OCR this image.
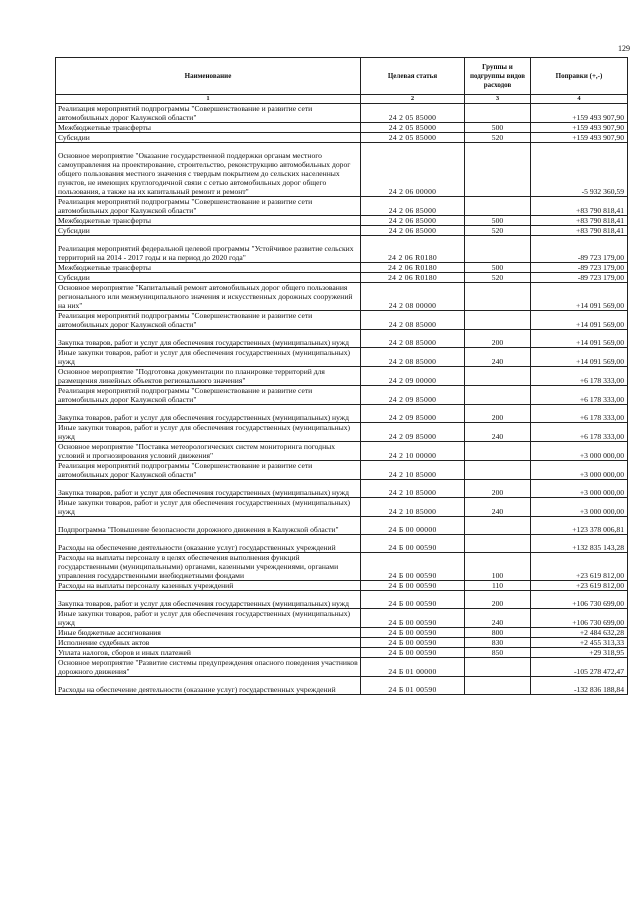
129
Наименование	Целевая статья	Группы и подгруппы видов расходов	Поправки (+,-)
1	2	3	4
Реализация мероприятий подпрограммы "Совершенствование и развитие сети автомобильных дорог Калужской области"	24 2 05 85000		+159 493 907,90
Межбюджетные трансферты	24 2 05 85000	500	+159 493 907,90
Субсидии	24 2 05 85000	520	+159 493 907,90
Основное мероприятие "Оказание государственной поддержки органам местного самоуправления на проектирование, строительство, реконструкцию автомобильных дорог общего пользования местного значения с твердым покрытием до сельских населенных пунктов, не имеющих круглогодичной связи с сетью автомобильных дорог общего пользования, а также на их капитальный ремонт и ремонт"	24 2 06 00000		-5 932 360,59
Реализация мероприятий подпрограммы "Совершенствование и развитие сети автомобильных дорог Калужской области"	24 2 06 85000		+83 790 818,41
Межбюджетные трансферты	24 2 06 85000	500	+83 790 818,41
Субсидии	24 2 06 85000	520	+83 790 818,41
Реализация мероприятий федеральной целевой программы "Устойчивое развитие сельских территорий на 2014 - 2017 годы и на период до 2020 года"	24 2 06 R0180		-89 723 179,00
Межбюджетные трансферты	24 2 06 R0180	500	-89 723 179,00
Субсидии	24 2 06 R0180	520	-89 723 179,00
Основное мероприятие "Капитальный ремонт автомобильных дорог общего пользования регионального или межмуниципального значения и искусственных дорожных сооружений на них"	24 2 08 00000		+14 091 569,00
Реализация мероприятий подпрограммы "Совершенствование и развитие сети автомобильных дорог Калужской области"	24 2 08 85000		+14 091 569,00
Закупка товаров, работ и услуг для обеспечения государственных (муниципальных) нужд	24 2 08 85000	200	+14 091 569,00
Иные закупки товаров, работ и услуг для обеспечения государственных (муниципальных) нужд	24 2 08 85000	240	+14 091 569,00
Основное мероприятие "Подготовка документации по планировке территорий для размещения линейных объектов регионального значения"	24 2 09 00000		+6 178 333,00
Реализация мероприятий подпрограммы "Совершенствование и развитие сети автомобильных дорог Калужской области"	24 2 09 85000		+6 178 333,00
Закупка товаров, работ и услуг для обеспечения государственных (муниципальных) нужд	24 2 09 85000	200	+6 178 333,00
Иные закупки товаров, работ и услуг для обеспечения государственных (муниципальных) нужд	24 2 09 85000	240	+6 178 333,00
Основное мероприятие "Поставка метеорологических систем мониторинга погодных условий и прогнозирования условий движения"	24 2 10 00000		+3 000 000,00
Реализация мероприятий подпрограммы "Совершенствование и развитие сети автомобильных дорог Калужской области"	24 2 10 85000		+3 000 000,00
Закупка товаров, работ и услуг для обеспечения государственных (муниципальных) нужд	24 2 10 85000	200	+3 000 000,00
Иные закупки товаров, работ и услуг для обеспечения государственных (муниципальных) нужд	24 2 10 85000	240	+3 000 000,00
Подпрограмма "Повышение безопасности дорожного движения в Калужской области"	24 Б 00 00000		+123 378 006,81
Расходы на обеспечение деятельности (оказание услуг) государственных учреждений	24 Б 00 00590		+132 835 143,28
Расходы на выплаты персоналу в целях обеспечения выполнения функций государственными (муниципальными) органами, казенными учреждениями, органами управления государственными внебюджетными фондами	24 Б 00 00590	100	+23 619 812,00
Расходы на выплаты персоналу казенных учреждений	24 Б 00 00590	110	+23 619 812,00
Закупка товаров, работ и услуг для обеспечения государственных (муниципальных) нужд	24 Б 00 00590	200	+106 730 699,00
Иные закупки товаров, работ и услуг для обеспечения государственных (муниципальных) нужд	24 Б 00 00590	240	+106 730 699,00
Иные бюджетные ассигнования	24 Б 00 00590	800	+2 484 632,28
Исполнение судебных актов	24 Б 00 00590	830	+2 455 313,33
Уплата налогов, сборов и иных платежей	24 Б 00 00590	850	+29 318,95
Основное мероприятие "Развитие системы предупреждения опасного поведения участников дорожного движения"	24 Б 01 00000		-105 278 472,47
Расходы на обеспечение деятельности (оказание услуг) государственных учреждений	24 Б 01 00590		-132 836 188,84
